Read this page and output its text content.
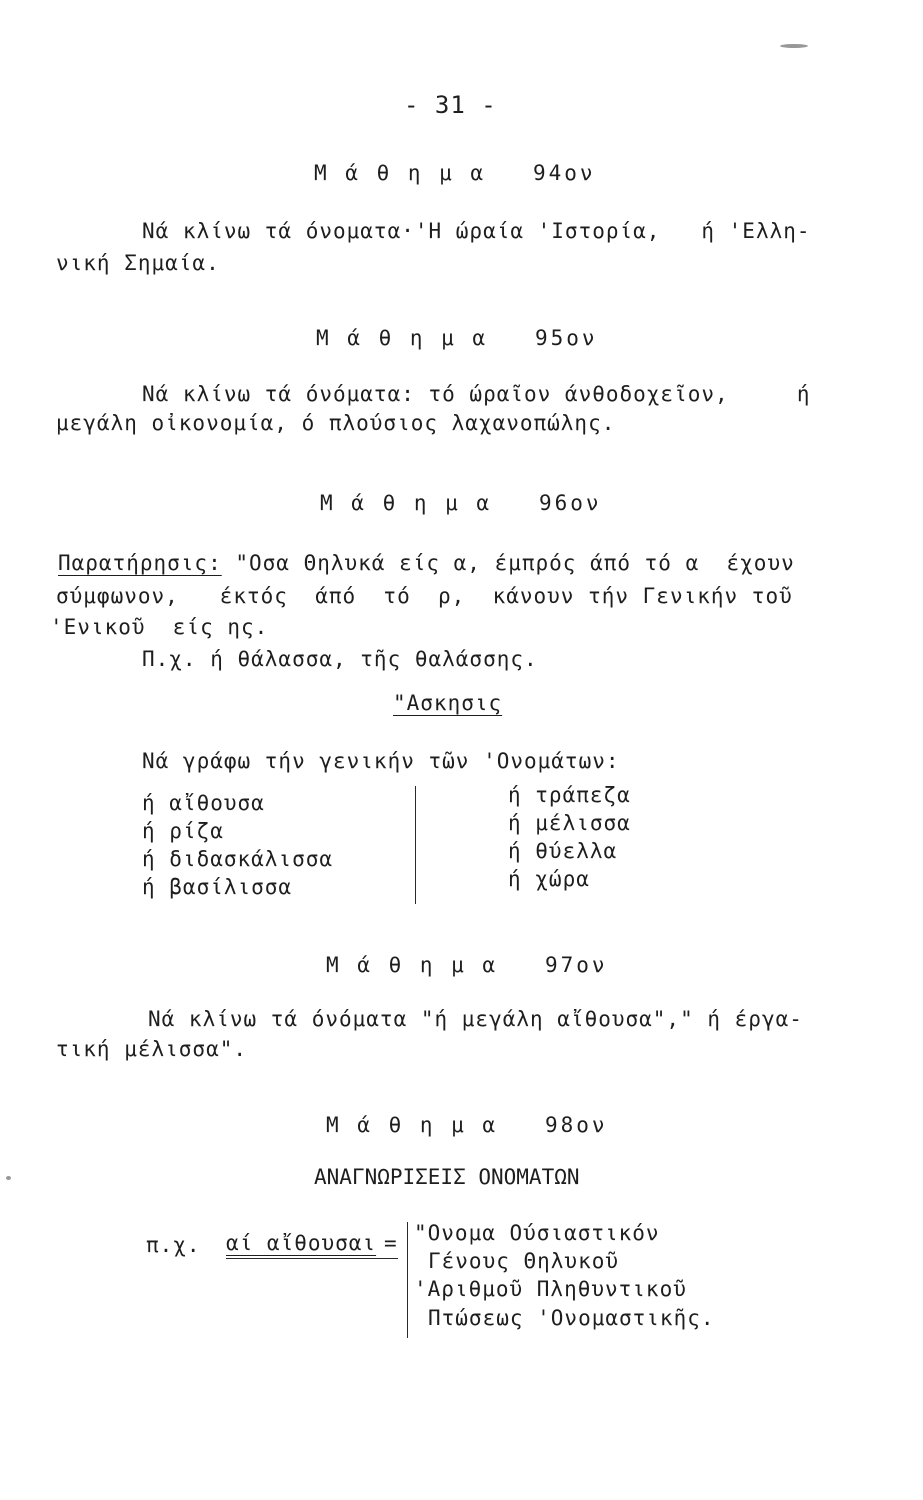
- 31 -
Μ ά θ η μ α   94ον
Νά κλίνω τά όνοματα·'Η ώραία 'Ιστορία,   ή 'Ελλη-
νική Σημαία.
Μ ά θ η μ α   95ον
Νά κλίνω τά όνόματα: τό ώραῖον άνθοδοχεῖον,     ή
μεγάλη οἰκονομία, ό πλούσιος λαχανοπώλης.
Μ ά θ η μ α   96ον
Παρατήρησις: "Οσα Θηλυκά είς α, έμπρός άπό τό α  έχουν
σύμφωνον,   έκτός  άπό  τό  ρ,  κάνουν τήν Γενικήν τοῦ
'Ενικοῦ  είς ης.
Π.χ. ή θάλασσα, τῆς θαλάσσης.
"Ασκησις
Νά γράφω τήν γενικήν τῶν 'Ονομάτων:
ή αἴθουσα
ή ρίζα
ή διδασκάλισσα
ή βασίλισσα
ή τράπεζα
ή μέλισσα
ή θύελλα
ή χώρα
Μ ά θ η μ α   97ον
Νά κλίνω τά όνόματα "ή μεγάλη αἴθουσα"," ή έργα-
τική μέλισσα".
Μ ά θ η μ α   98ον
ΑΝΑΓΝΩΡΙΣΕΙΣ ΟΝΟΜΑΤΩΝ
π.χ. αί αἴθουσαι = "Ονομα Ούσιαστικόν
Γένους Θηλυκοῦ
'Αριθμοῦ Πληθυντικοῦ
Πτώσεως 'Ονομαστικῆς.
